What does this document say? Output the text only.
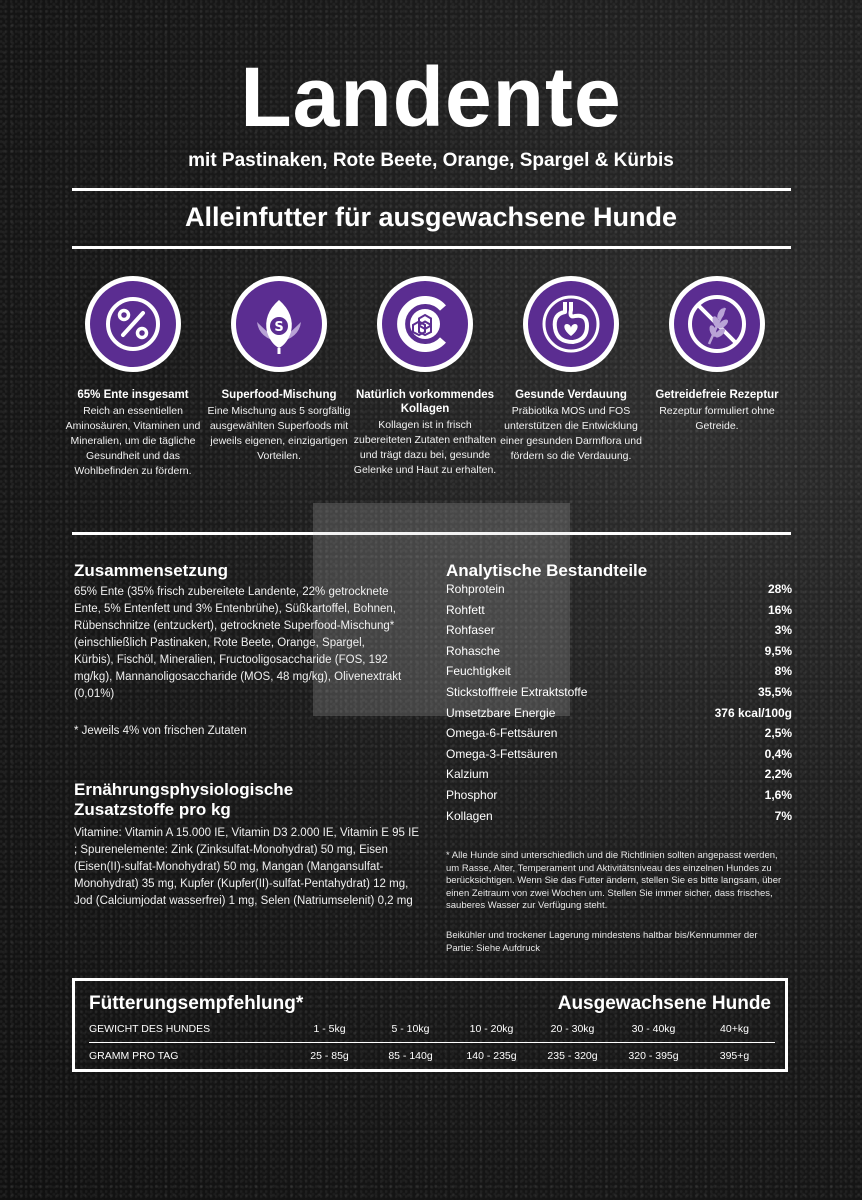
Landente
mit Pastinaken, Rote Beete, Orange, Spargel & Kürbis
Alleinfutter für ausgewachsene Hunde
65% Ente insgesamt

Reich an essentiellen Aminosäuren, Vitaminen und Mineralien, um die tägliche Gesundheit und das Wohlbefinden zu fördern.

S
Superfood-Mischung

Eine Mischung aus 5 sorgfältig ausgewählten Superfoods mit jeweils eigenen, einzigartigen Vorteilen.

Natürlich vorkommendes Kollagen

Kollagen ist in frisch zubereiteten Zutaten enthalten und trägt dazu bei, gesunde Gelenke und Haut zu erhalten.

Gesunde Verdauung

Präbiotika MOS und FOS unterstützen die Entwicklung einer gesunden Darmflora und fördern so die Verdauung.

Getreidefreie Rezeptur

Rezeptur formuliert ohne Getreide.

Zusammensetzung
65% Ente (35% frisch zubereitete Landente, 22% getrocknete Ente, 5% Entenfett und 3% Entenbrühe), Süßkartoffel, Bohnen, Rübenschnitze (entzuckert), getrocknete Superfood-Mischung* (einschließlich Pastinaken, Rote Beete, Orange, Spargel, Kürbis), Fischöl, Mineralien, Fructooligosaccharide (FOS, 192 mg/kg), Mannanoligosaccharide (MOS, 48 mg/kg), Olivenextrakt (0,01%)
* Jeweils 4% von frischen Zutaten
Ernährungsphysiologische
Zusatzstoffe pro kg
Vitamine: Vitamin A 15.000 IE, Vitamin D3 2.000 IE, Vitamin E 95 IE ; Spurenelemente: Zink (Zinksulfat-Monohydrat) 50 mg, Eisen (Eisen(II)-sulfat-Monohydrat) 50 mg, Mangan (Mangansulfat-Monohydrat) 35 mg, Kupfer (Kupfer(II)-sulfat-Pentahydrat) 12 mg, Jod (Calciumjodat wasserfrei) 1 mg, Selen (Natriumselenit) 0,2 mg
Analytische Bestandteile
Rohprotein	28%
Rohfett	16%
Rohfaser	3%
Rohasche	9,5%
Feuchtigkeit	8%
Stickstofffreie Extraktstoffe	35,5%
Umsetzbare Energie	376 kcal/100g
Omega-6-Fettsäuren	2,5%
Omega-3-Fettsäuren	0,4%
Kalzium	2,2%
Phosphor	1,6%
Kollagen	7%
* Alle Hunde sind unterschiedlich und die Richtlinien sollten angepasst werden, um Rasse, Alter, Temperament und Aktivitätsniveau des einzelnen Hundes zu berücksichtigen. Wenn Sie das Futter ändern, stellen Sie es bitte langsam, über einen Zeitraum von zwei Wochen um. Stellen Sie immer sicher, dass frisches, sauberes Wasser zur Verfügung steht.
Beikühler und trockener Lagerung mindestens haltbar bis/Kennummer der Partie: Siehe Aufdruck
Fütterungsempfehlung*	Ausgewachsene Hunde
GEWICHT DES HUNDES	1 - 5kg	5 - 10kg	10 - 20kg	20 - 30kg	30 - 40kg	40+kg
GRAMM PRO TAG	25 - 85g	85 - 140g	140 - 235g	235 - 320g	320 - 395g	395+g
